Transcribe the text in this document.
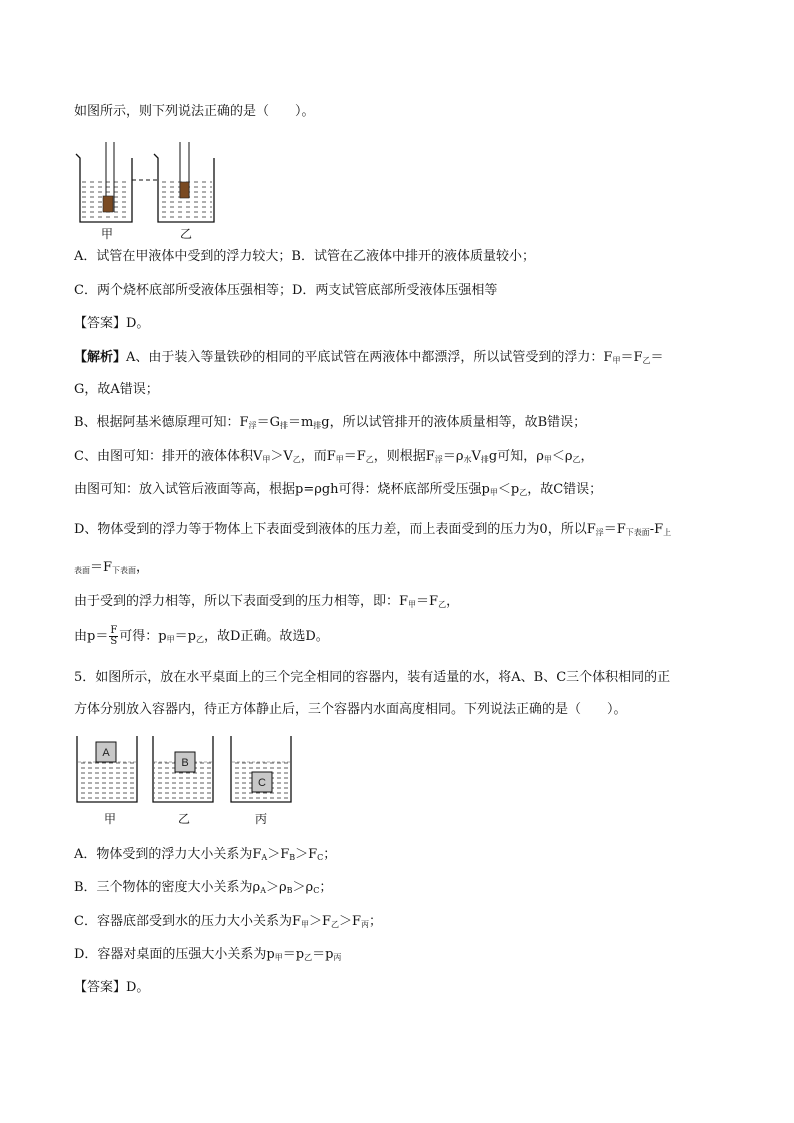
如图所示，则下列说法正确的是（　　）。
甲	乙
A．试管在甲液体中受到的浮力较大；B．试管在乙液体中排开的液体质量较小；
C．两个烧杯底部所受液体压强相等；D．两支试管底部所受液体压强相等
【答案】D。
【解析】A、由于装入等量铁砂的相同的平底试管在两液体中都漂浮，所以试管受到的浮力：F甲＝F乙＝
G，故A错误；
B、根据阿基米德原理可知：F浮＝G排＝m排g，所以试管排开的液体质量相等，故B错误；
C、由图可知：排开的液体体积V甲＞V乙，而F甲＝F乙，则根据F浮＝ρ水V排g可知，ρ甲＜ρ乙，
由图可知：放入试管后液面等高，根据p=ρgh可得：烧杯底部所受压强p甲＜p乙，故C错误；
D、物体受到的浮力等于物体上下表面受到液体的压力差，而上表面受到的压力为0，所以F浮＝F下表面-F上
表面＝F下表面，
由于受到的浮力相等，所以下表面受到的压力相等，即：F甲＝F乙，
由$p= \frac{F}{S}$ 可得：p甲＝p乙，故D正确。故选D。
5．如图所示，放在水平桌面上的三个完全相同的容器内，装有适量的水，将A、B、C三个体积相同的正
方体分别放入容器内，待正方体静止后，三个容器内水面高度相同。下列说法正确的是（　　）。
A
B
C
甲	乙	丙
A．物体受到的浮力大小关系为FA＞FB＞FC；
B．三个物体的密度大小关系为ρA＞ρB＞ρC；
C．容器底部受到水的压力大小关系为F甲＞F乙＞F丙；
D．容器对桌面的压强大小关系为p甲＝p乙＝p丙
【答案】D。
